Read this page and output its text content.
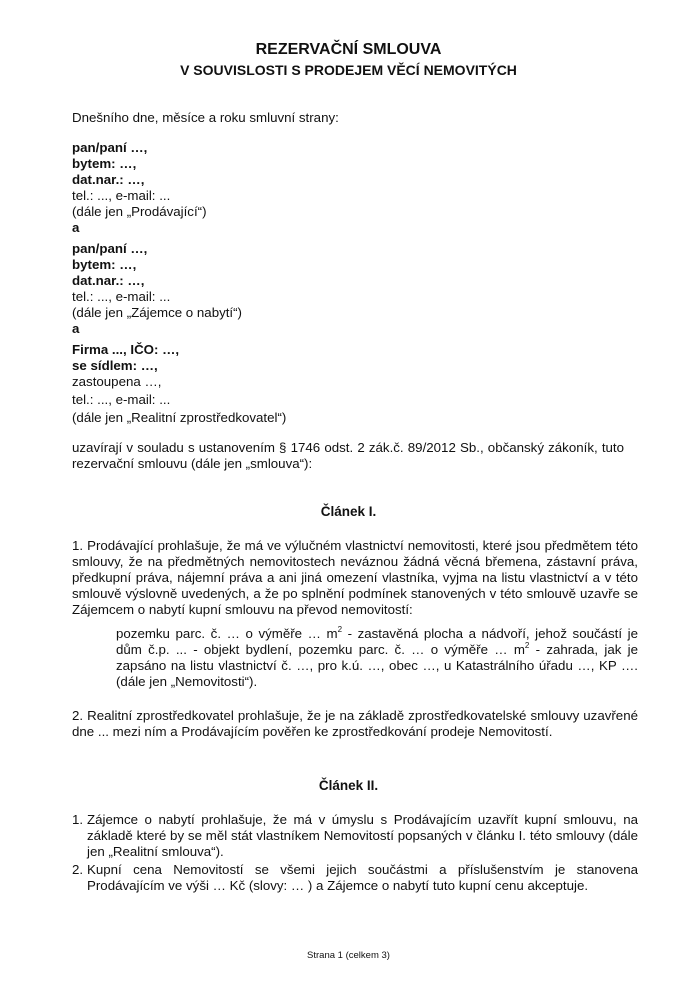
REZERVAČNÍ SMLOUVA
V SOUVISLOSTI S PRODEJEM VĚCÍ NEMOVITÝCH
Dnešního dne, měsíce a roku smluvní strany:
pan/paní …,
bytem: …,
dat.nar.: …,
tel.: ..., e-mail: ...
(dále jen „Prodávající“)
a
pan/paní …,
bytem: …,
dat.nar.: …,
tel.: ..., e-mail: ...
(dále jen „Zájemce o nabytí“)
a
Firma ..., IČO: …,
se sídlem: …,
zastoupena …,
tel.: ..., e-mail: ...
(dále jen „Realitní zprostředkovatel“)
uzavírají v souladu s ustanovením § 1746 odst. 2 zák.č. 89/2012 Sb., občanský zákoník, tuto rezervační smlouvu (dále jen „smlouva“):
Článek I.
1. Prodávající prohlašuje, že má ve výlučném vlastnictví nemovitosti, které jsou předmětem této smlouvy, že na předmětných nemovitostech neváznou žádná věcná břemena, zástavní práva, předkupní práva, nájemní práva a ani jiná omezení vlastníka, vyjma na listu vlastnictví a v této smlouvě výslovně uvedených, a že po splnění podmínek stanovených v této smlouvě uzavře se Zájemcem o nabytí kupní smlouvu na převod nemovitostí:
pozemku parc. č. … o výměře … $m^2$ - zastavěná plocha a nádvoří, jehož součástí je dům č.p. ... - objekt bydlení, pozemku parc. č. … o výměře … $m^2$ - zahrada, jak je zapsáno na listu vlastnictví č. …, pro k.ú. …, obec …, u Katastrálního úřadu …, KP …. (dále jen „Nemovitosti“).
2. Realitní zprostředkovatel prohlašuje, že je na základě zprostředkovatelské smlouvy uzavřené dne ... mezi ním a Prodávajícím pověřen ke zprostředkování prodeje Nemovitostí.
Článek II.
1. Zájemce o nabytí prohlašuje, že má v úmyslu s Prodávajícím uzavřít kupní smlouvu, na základě které by se měl stát vlastníkem Nemovitostí popsaných v článku I. této smlouvy (dále jen „Realitní smlouva“).
2. Kupní cena Nemovitostí se všemi jejich součástmi a příslušenstvím je stanovena Prodávajícím ve výši … Kč (slovy: … ) a Zájemce o nabytí tuto kupní cenu akceptuje.
Strana 1 (celkem 3)
